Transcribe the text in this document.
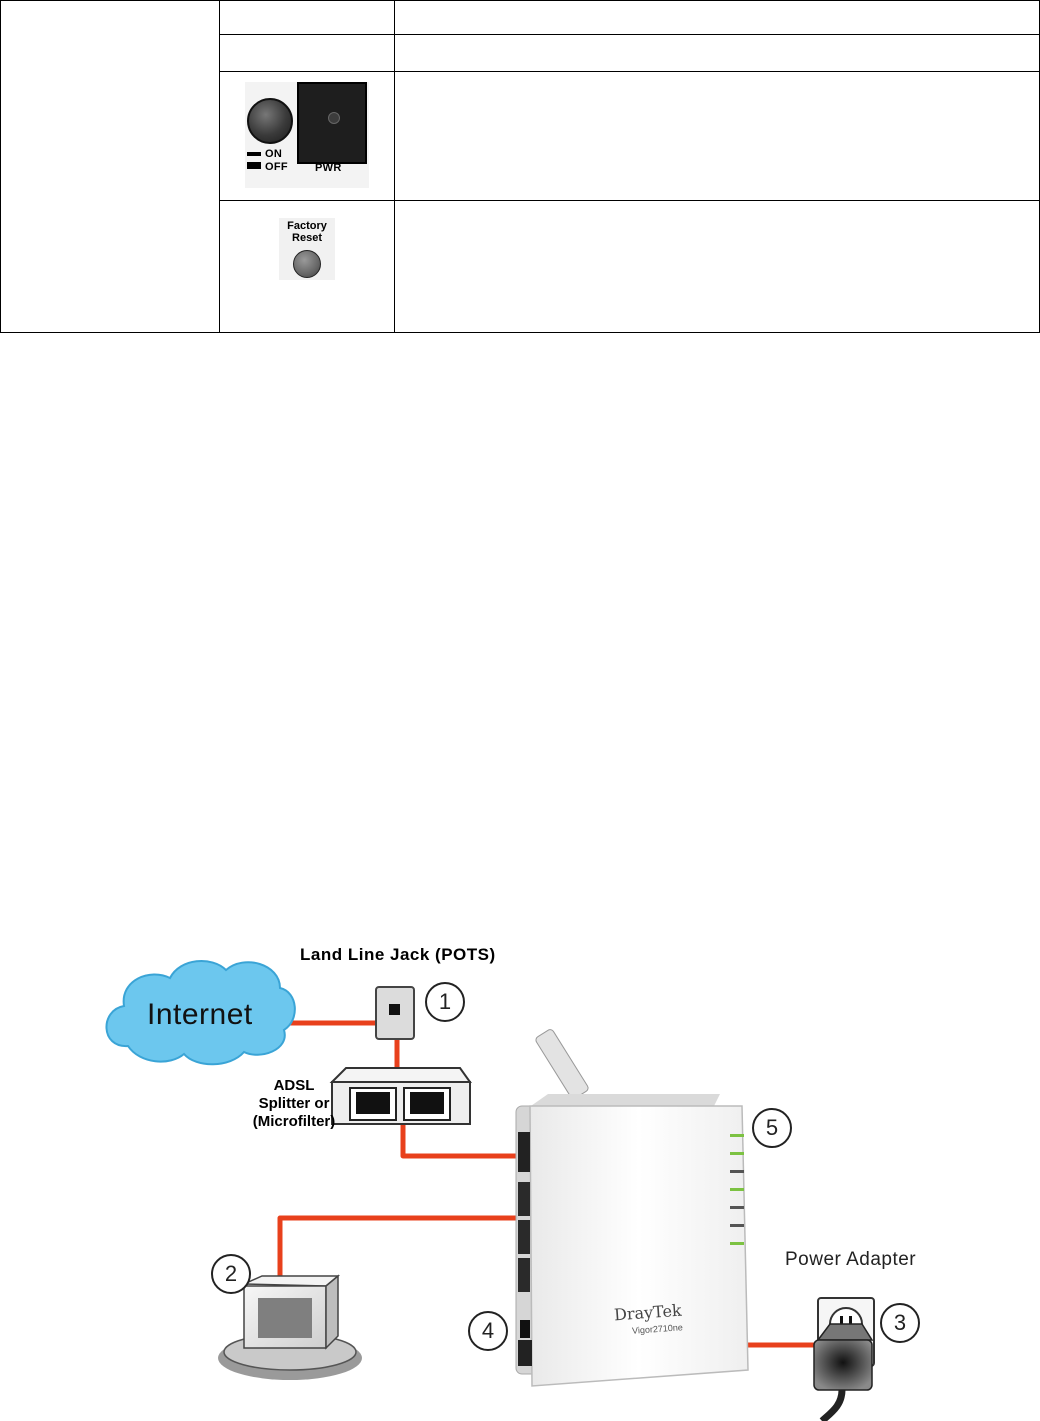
	ON
OFF PWR	

	Factory
Reset	

Land Line Jack (POTS)
Internet
ADSL Splitter or (Microfilter)
Power Adapter
DrayTek
Vigor2710ne
1
2
3
4
5
